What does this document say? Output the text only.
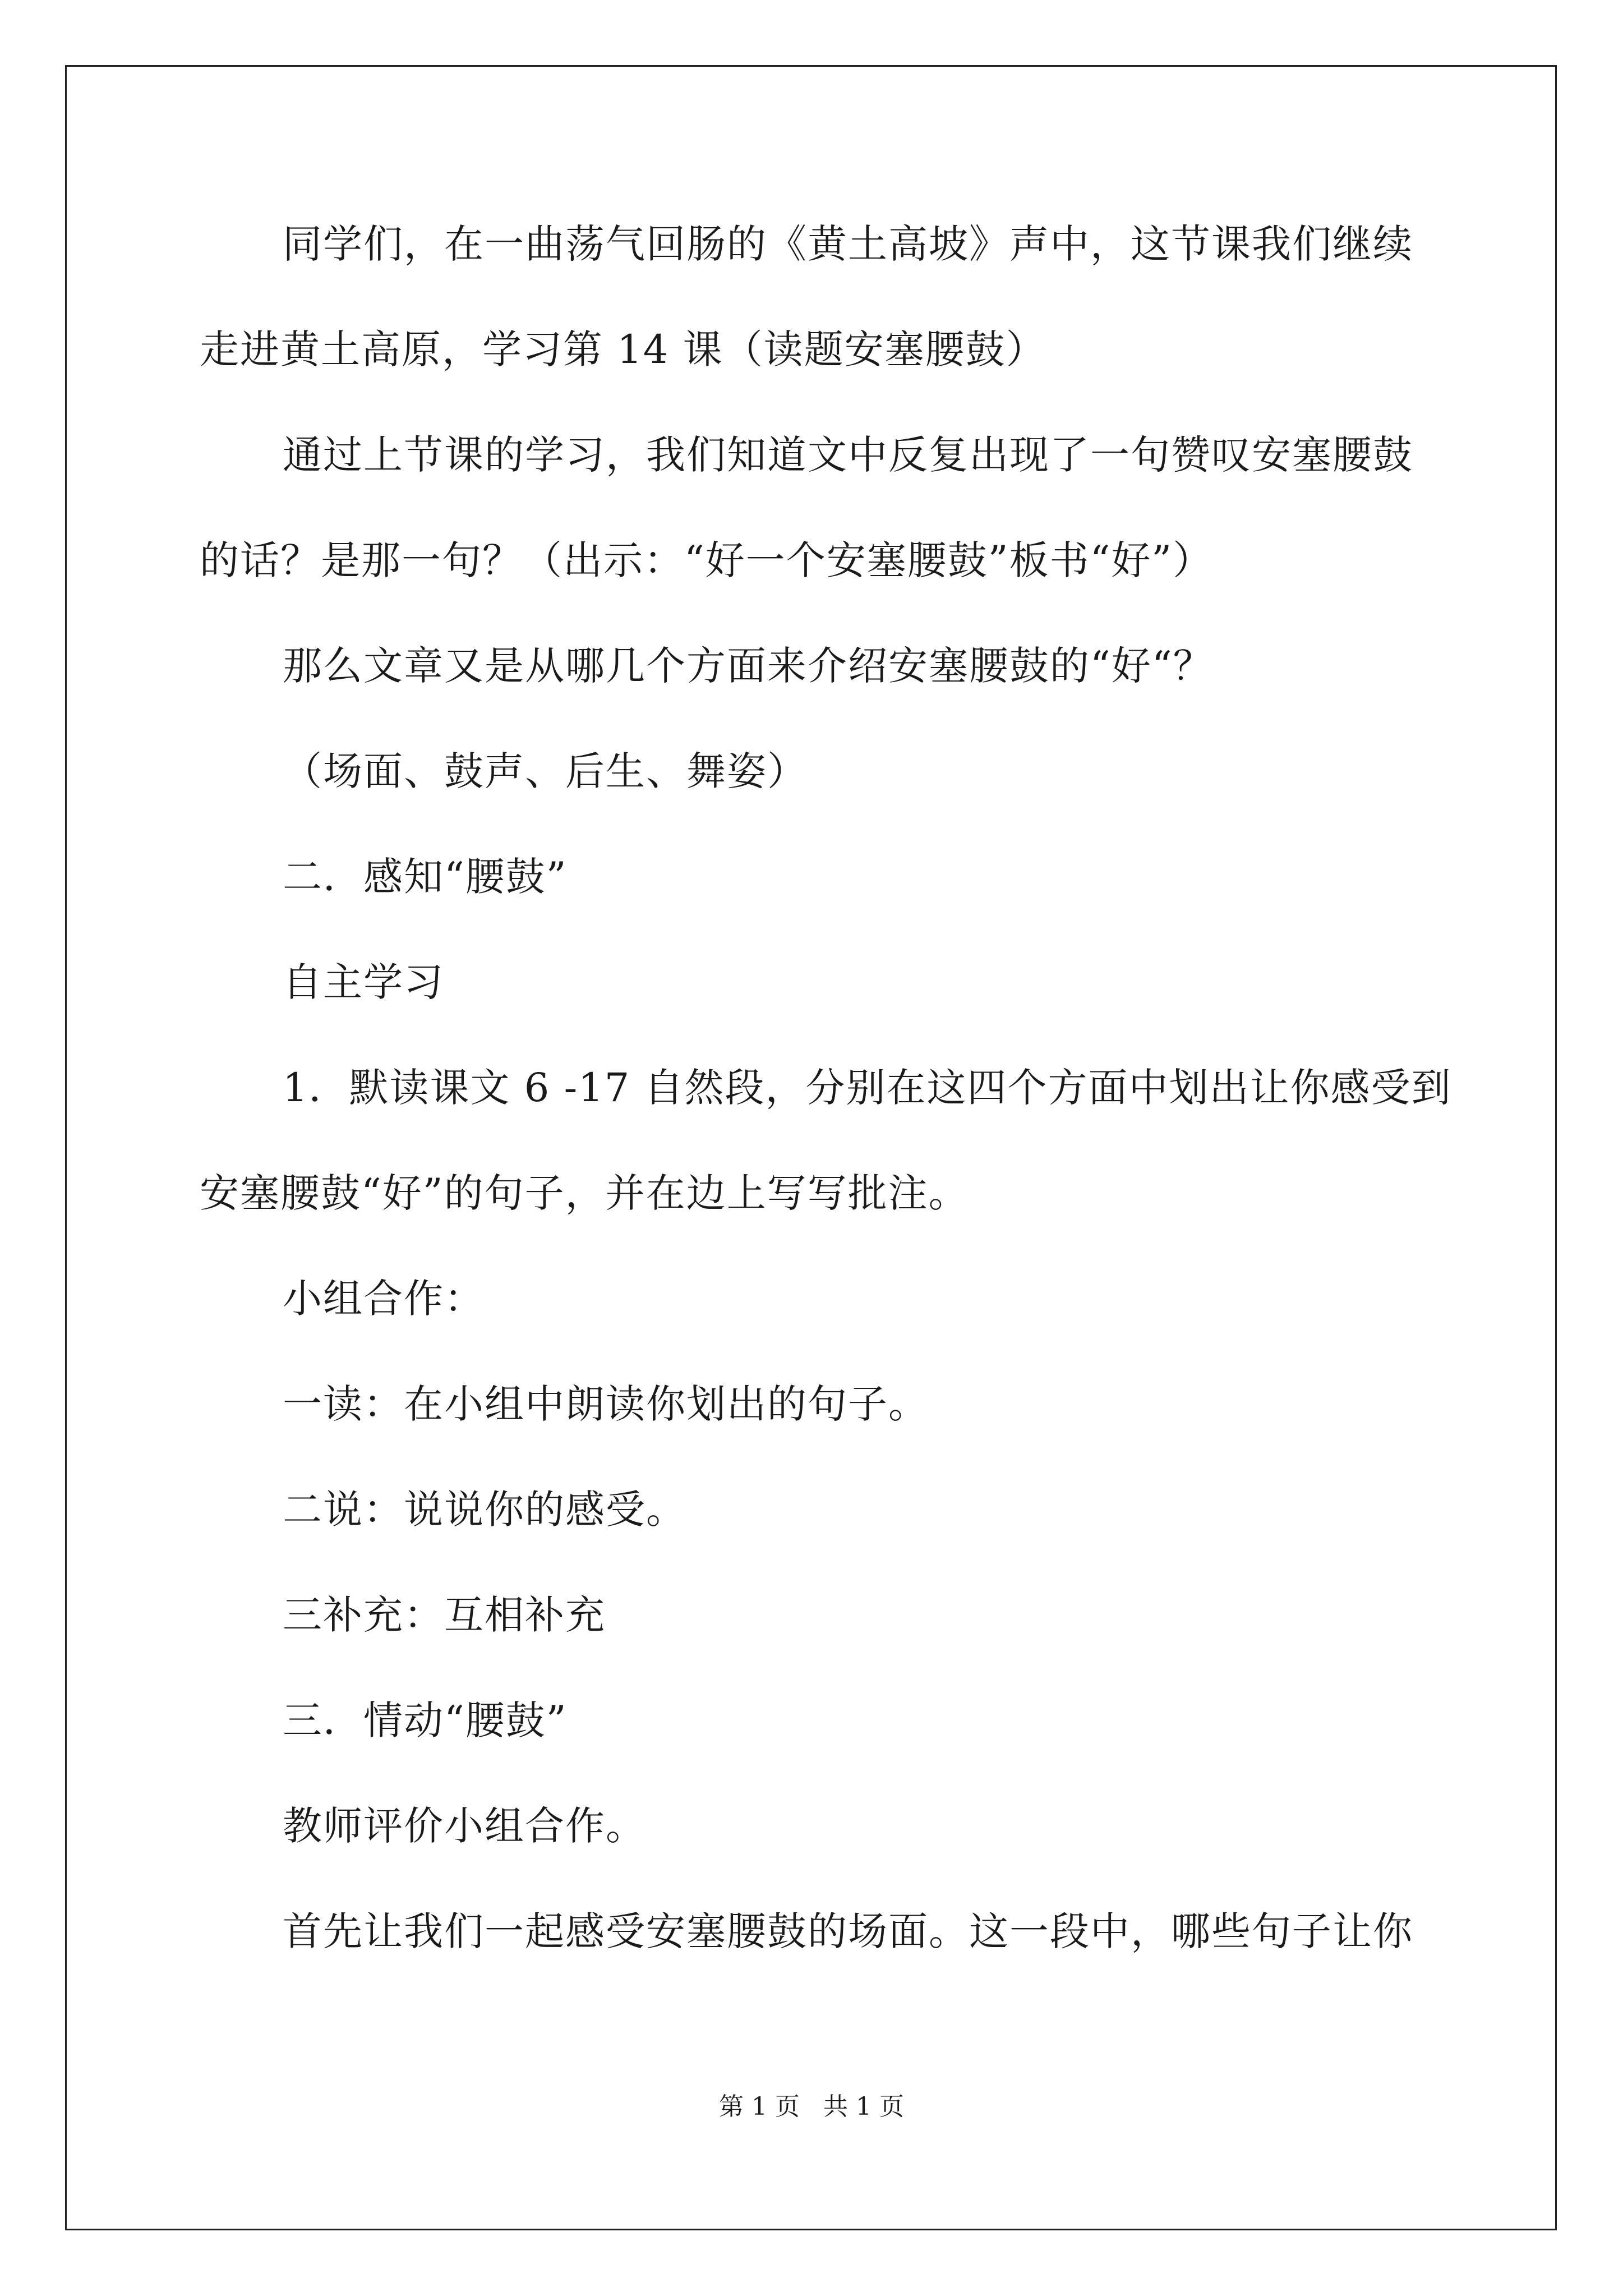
同学们，在一曲荡气回肠的《黄土高坡》声中，这节课我们继续
走进黄土高原，学习第 14 课（读题安塞腰鼓）
通过上节课的学习，我们知道文中反复出现了一句赞叹安塞腰鼓
的话？是那一句？（出示：“好一个安塞腰鼓”板书“好”）
那么文章又是从哪几个方面来介绍安塞腰鼓的“好“？
（场面、鼓声、后生、舞姿）
二．感知“腰鼓”
自主学习
1．默读课文 6 -17 自然段，分别在这四个方面中划出让你感受到
安塞腰鼓“好”的句子，并在边上写写批注。
小组合作：
一读：在小组中朗读你划出的句子。
二说：说说你的感受。
三补充：互相补充
三．情动“腰鼓”
教师评价小组合作。
首先让我们一起感受安塞腰鼓的场面。这一段中，哪些句子让你
第 1 页   共 1 页
